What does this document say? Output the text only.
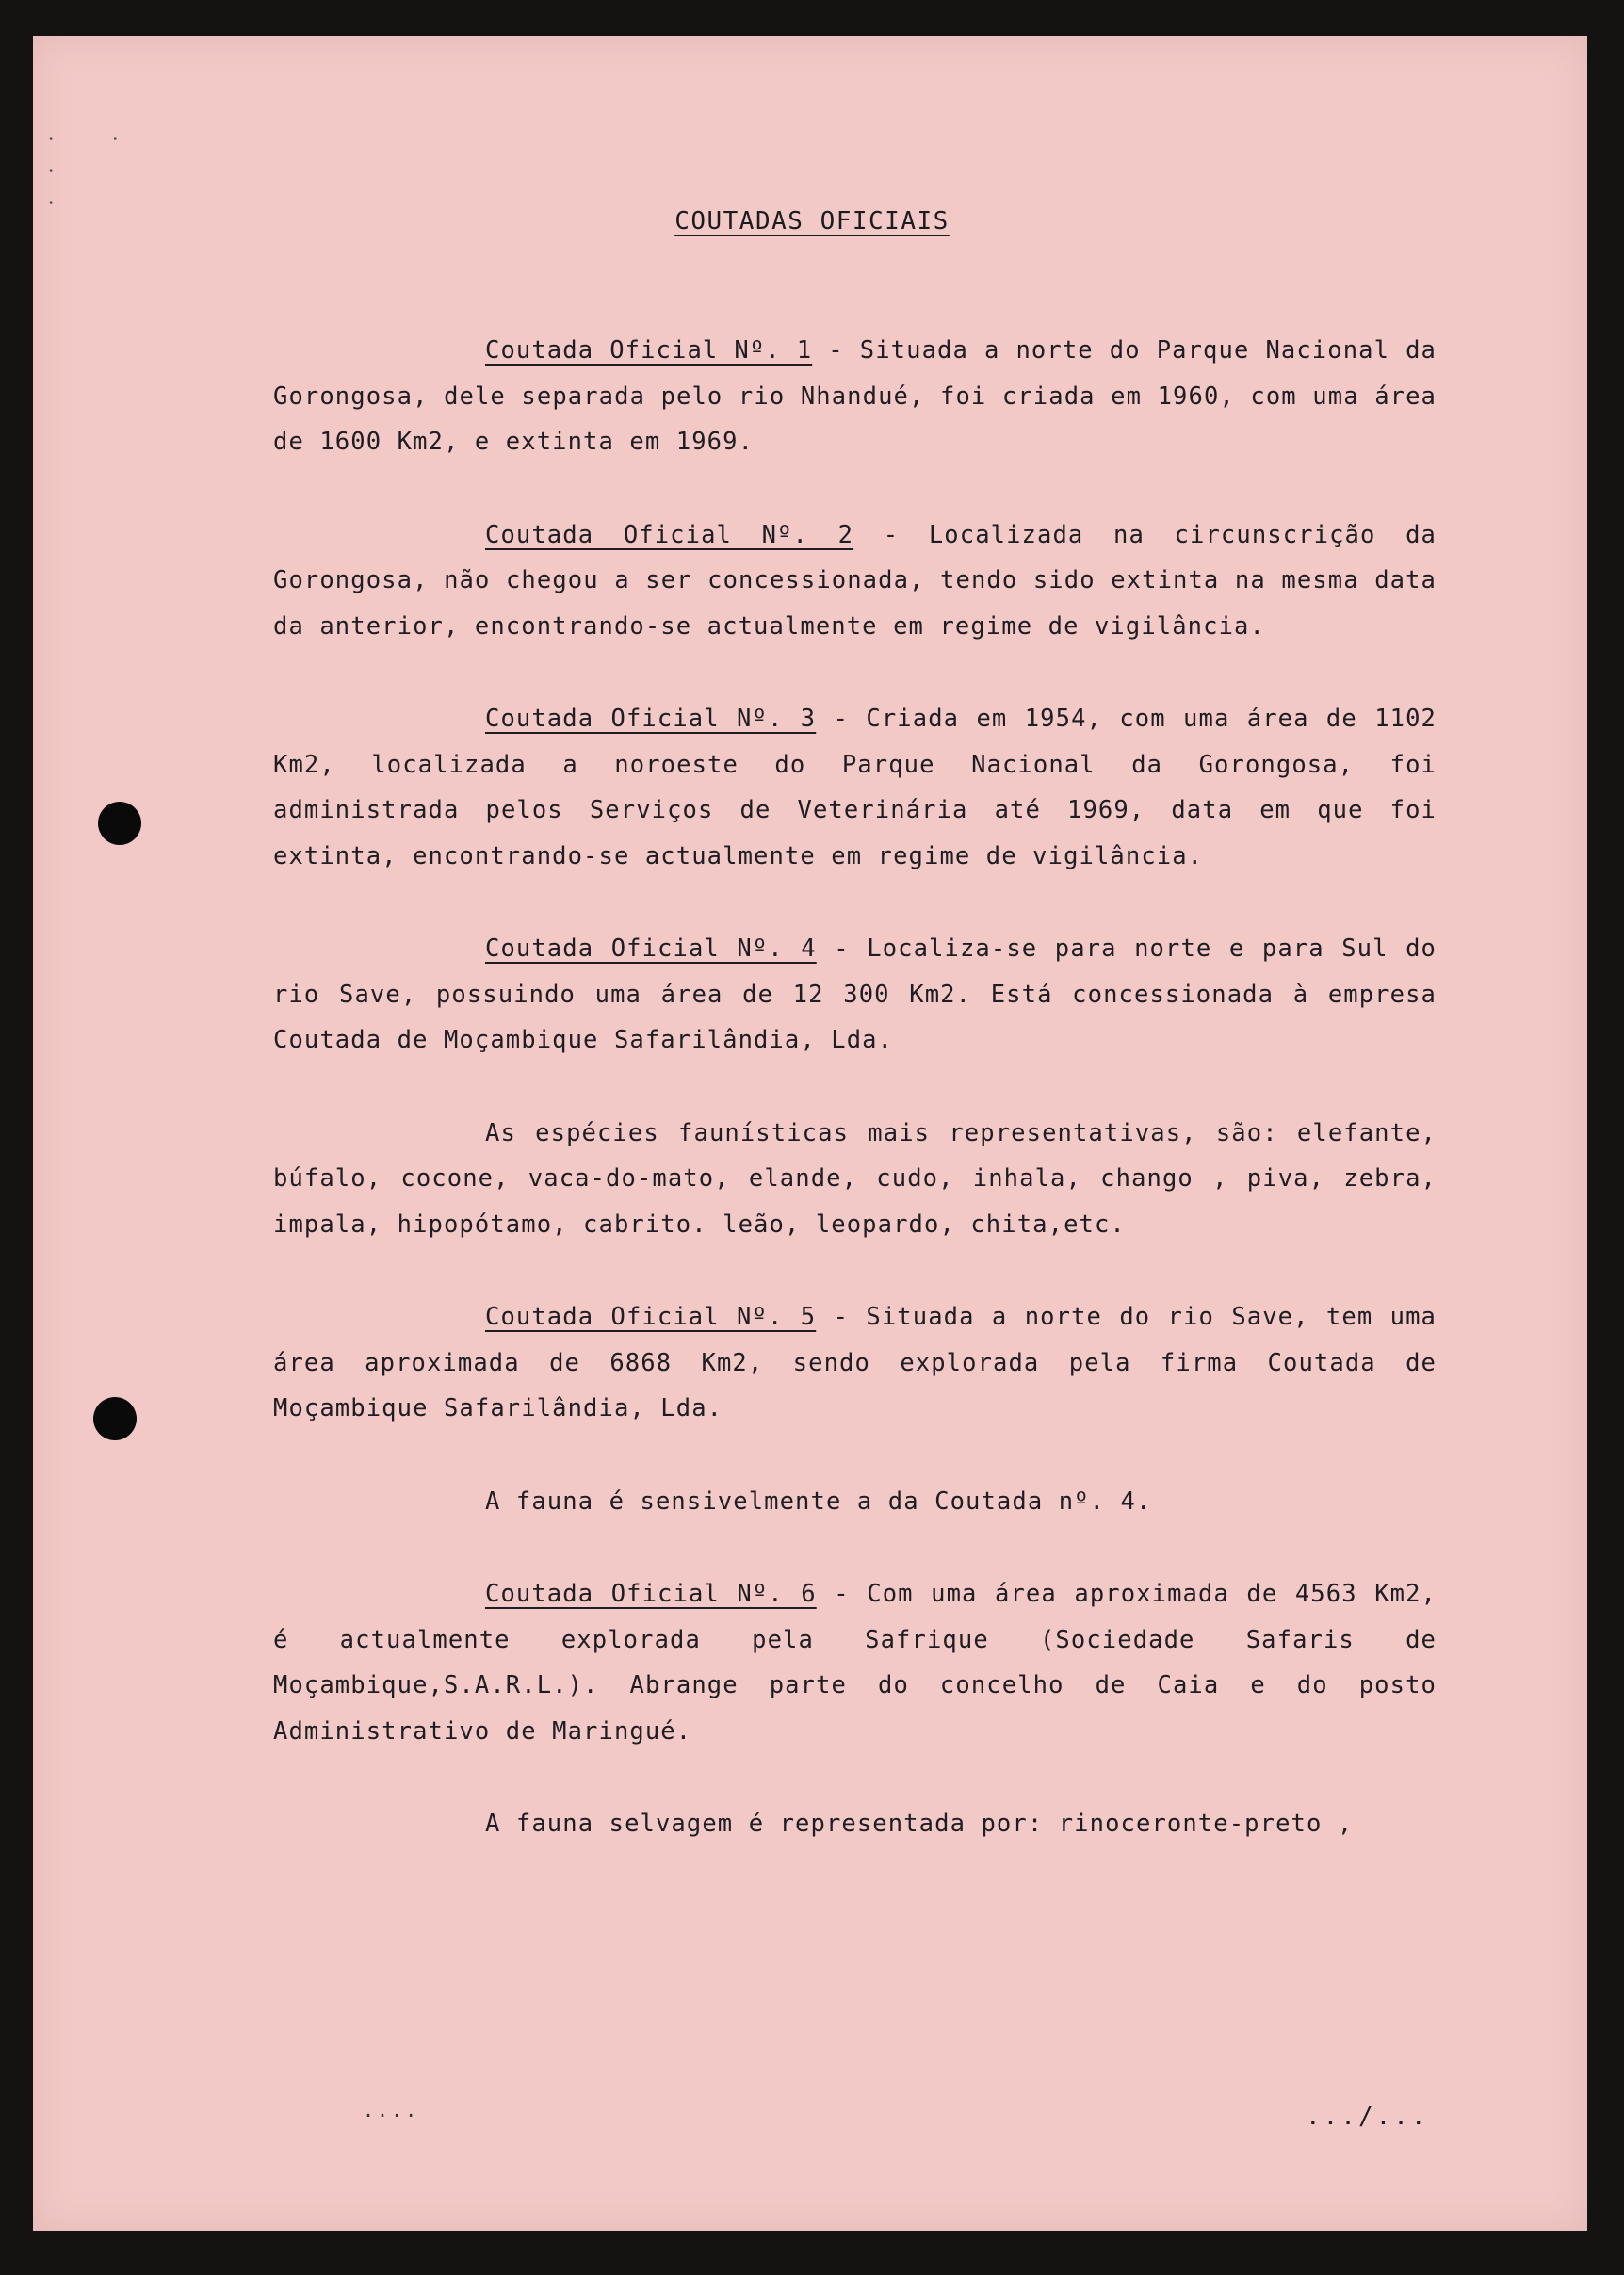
⋅ ⋅
⋅
⋅
COUTADAS OFICIAIS

Coutada Oficial Nº. 1 - Situada a norte do Parque Nacional da Gorongosa, dele separada pelo rio Nhandué, foi criada em 1960, com uma área de 1600 Km2, e extinta em 1969.

Coutada Oficial Nº. 2 - Localizada na circunscrição da Gorongosa, não chegou a ser concessionada, tendo sido extinta na mesma data da anterior, encontrando-se actualmente em regime de vigilância.

Coutada Oficial Nº. 3 - Criada em 1954, com uma área de 1102 Km2, localizada a noroeste do Parque Nacional da Gorongosa, foi administrada pelos Serviços de Veterinária até 1969, data em que foi extinta, encontrando-se actualmente em regime de vigilância.

Coutada Oficial Nº. 4 - Localiza-se para norte e para Sul do rio Save, possuindo uma área de 12 300 Km2. Está concessionada à empresa Coutada de Moçambique Safarilândia, Lda.

As espécies faunísticas mais representativas, são: elefante, búfalo, cocone, vaca-do-mato, elande, cudo, inhala, chango , piva, zebra, impala, hipopótamo, cabrito. leão, leopardo, chita,etc.

Coutada Oficial Nº. 5 - Situada a norte do rio Save, tem uma área aproximada de 6868 Km2, sendo explorada pela firma Coutada de Moçambique Safarilândia, Lda.

A fauna é sensivelmente a da Coutada nº. 4.

Coutada Oficial Nº. 6 - Com uma área aproximada de 4563 Km2, é actualmente explorada pela Safrique (Sociedade Safaris de Moçambique,S.A.R.L.). Abrange parte do concelho de Caia e do posto Administrativo de Maringué.

A fauna selvagem é representada por: rinoceronte-preto ,

....	.../...
